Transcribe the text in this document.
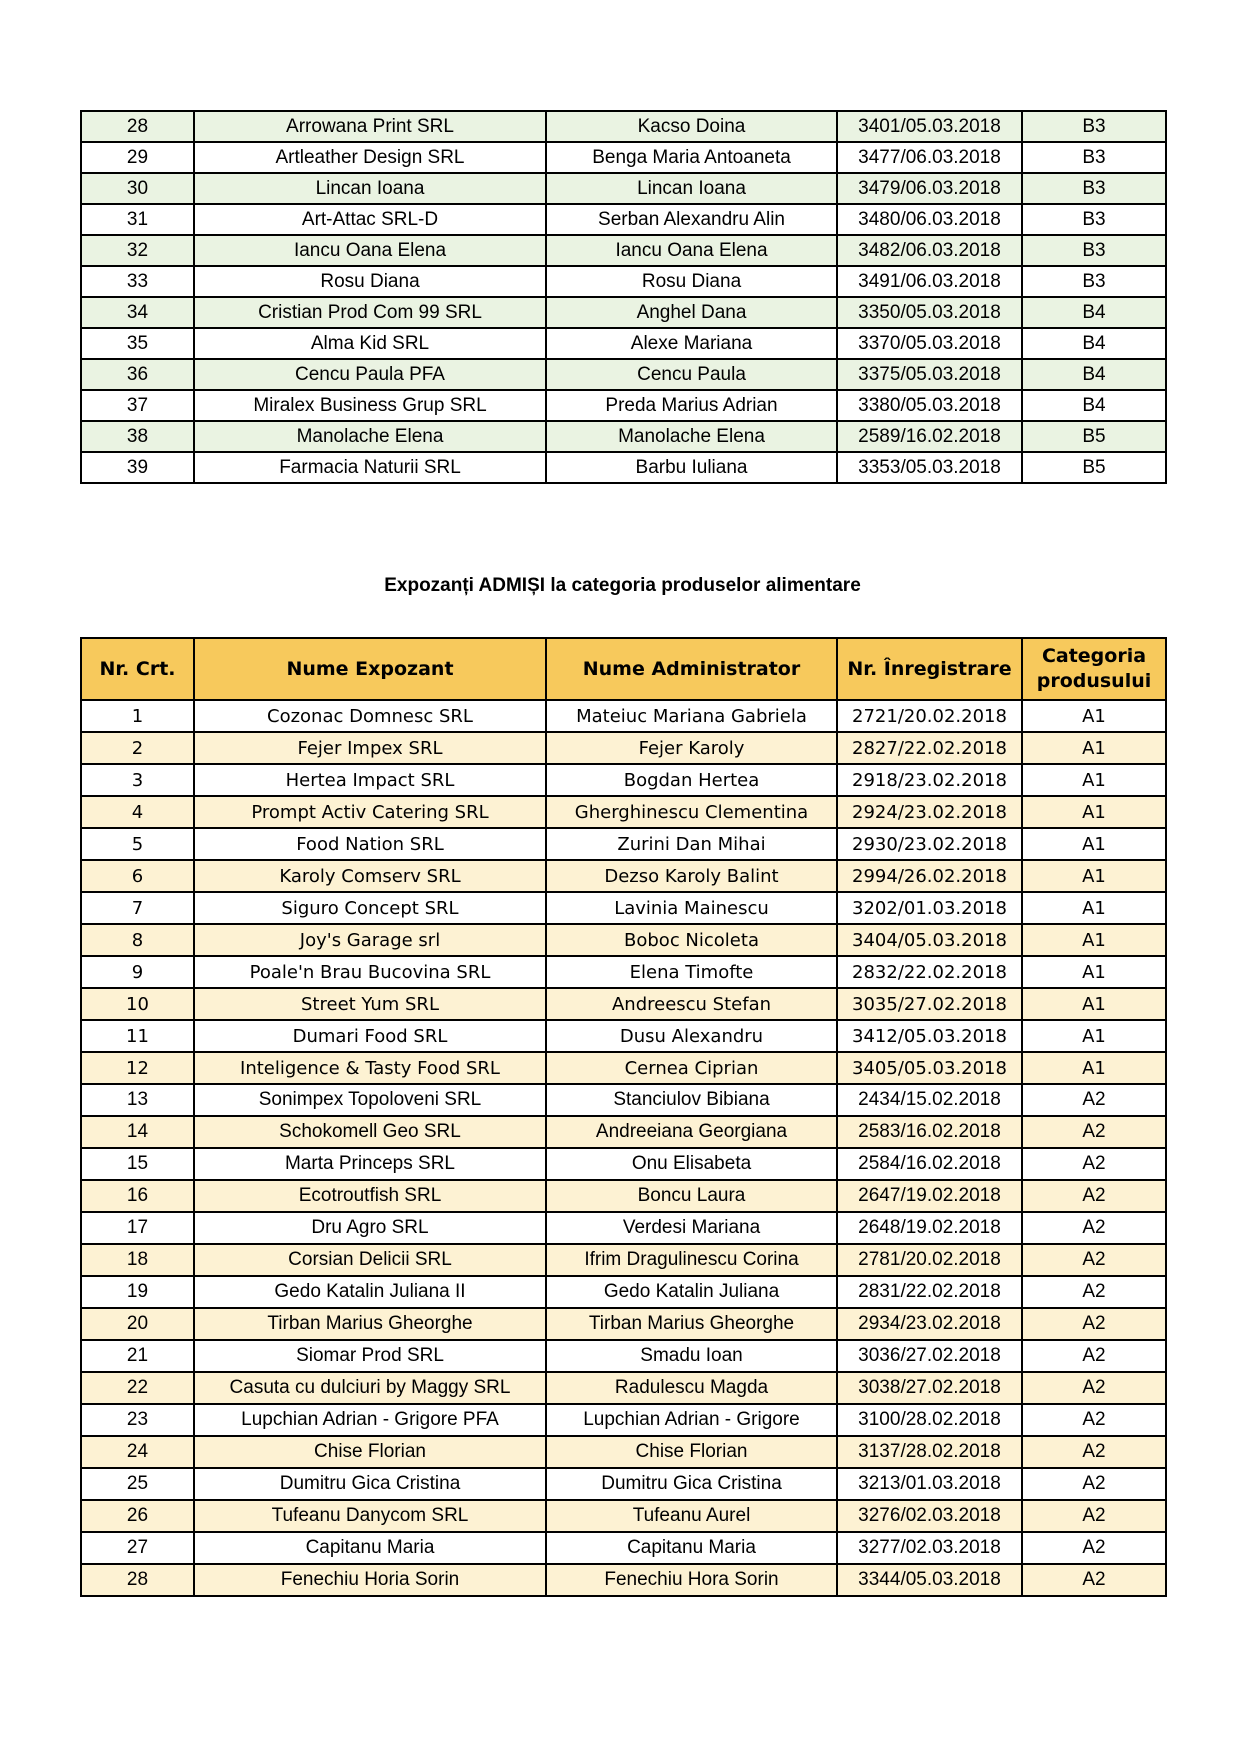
28	Arrowana Print SRL	Kacso Doina	3401/05.03.2018	B3
29	Artleather Design SRL	Benga Maria Antoaneta	3477/06.03.2018	B3
30	Lincan Ioana	Lincan Ioana	3479/06.03.2018	B3
31	Art-Attac SRL-D	Serban Alexandru Alin	3480/06.03.2018	B3
32	Iancu Oana Elena	Iancu Oana Elena	3482/06.03.2018	B3
33	Rosu Diana	Rosu Diana	3491/06.03.2018	B3
34	Cristian Prod Com 99 SRL	Anghel Dana	3350/05.03.2018	B4
35	Alma Kid SRL	Alexe Mariana	3370/05.03.2018	B4
36	Cencu Paula PFA	Cencu Paula	3375/05.03.2018	B4
37	Miralex Business Grup SRL	Preda Marius Adrian	3380/05.03.2018	B4
38	Manolache Elena	Manolache Elena	2589/16.02.2018	B5
39	Farmacia Naturii SRL	Barbu Iuliana	3353/05.03.2018	B5
Expozanți ADMIȘI la categoria produselor alimentare
Nr. Crt.	Nume Expozant	Nume Administrator	Nr. Înregistrare	Categoria produsului
1	Cozonac Domnesc SRL	Mateiuc Mariana Gabriela	2721/20.02.2018	A1
2	Fejer Impex SRL	Fejer Karoly	2827/22.02.2018	A1
3	Hertea Impact SRL	Bogdan Hertea	2918/23.02.2018	A1
4	Prompt Activ Catering SRL	Gherghinescu Clementina	2924/23.02.2018	A1
5	Food Nation SRL	Zurini Dan Mihai	2930/23.02.2018	A1
6	Karoly Comserv SRL	Dezso Karoly Balint	2994/26.02.2018	A1
7	Siguro Concept SRL	Lavinia Mainescu	3202/01.03.2018	A1
8	Joy's Garage srl	Boboc Nicoleta	3404/05.03.2018	A1
9	Poale'n Brau Bucovina SRL	Elena Timofte	2832/22.02.2018	A1
10	Street Yum SRL	Andreescu Stefan	3035/27.02.2018	A1
11	Dumari Food SRL	Dusu Alexandru	3412/05.03.2018	A1
12	Inteligence & Tasty Food SRL	Cernea Ciprian	3405/05.03.2018	A1
13	Sonimpex Topoloveni SRL	Stanciulov Bibiana	2434/15.02.2018	A2
14	Schokomell Geo SRL	Andreeiana Georgiana	2583/16.02.2018	A2
15	Marta Princeps SRL	Onu Elisabeta	2584/16.02.2018	A2
16	Ecotroutfish SRL	Boncu Laura	2647/19.02.2018	A2
17	Dru Agro SRL	Verdesi Mariana	2648/19.02.2018	A2
18	Corsian Delicii SRL	Ifrim Dragulinescu Corina	2781/20.02.2018	A2
19	Gedo Katalin Juliana II	Gedo Katalin Juliana	2831/22.02.2018	A2
20	Tirban Marius Gheorghe	Tirban Marius Gheorghe	2934/23.02.2018	A2
21	Siomar Prod SRL	Smadu Ioan	3036/27.02.2018	A2
22	Casuta cu dulciuri by Maggy SRL	Radulescu Magda	3038/27.02.2018	A2
23	Lupchian Adrian - Grigore PFA	Lupchian Adrian - Grigore	3100/28.02.2018	A2
24	Chise Florian	Chise Florian	3137/28.02.2018	A2
25	Dumitru Gica Cristina	Dumitru Gica Cristina	3213/01.03.2018	A2
26	Tufeanu Danycom SRL	Tufeanu Aurel	3276/02.03.2018	A2
27	Capitanu Maria	Capitanu Maria	3277/02.03.2018	A2
28	Fenechiu Horia Sorin	Fenechiu Hora Sorin	3344/05.03.2018	A2
